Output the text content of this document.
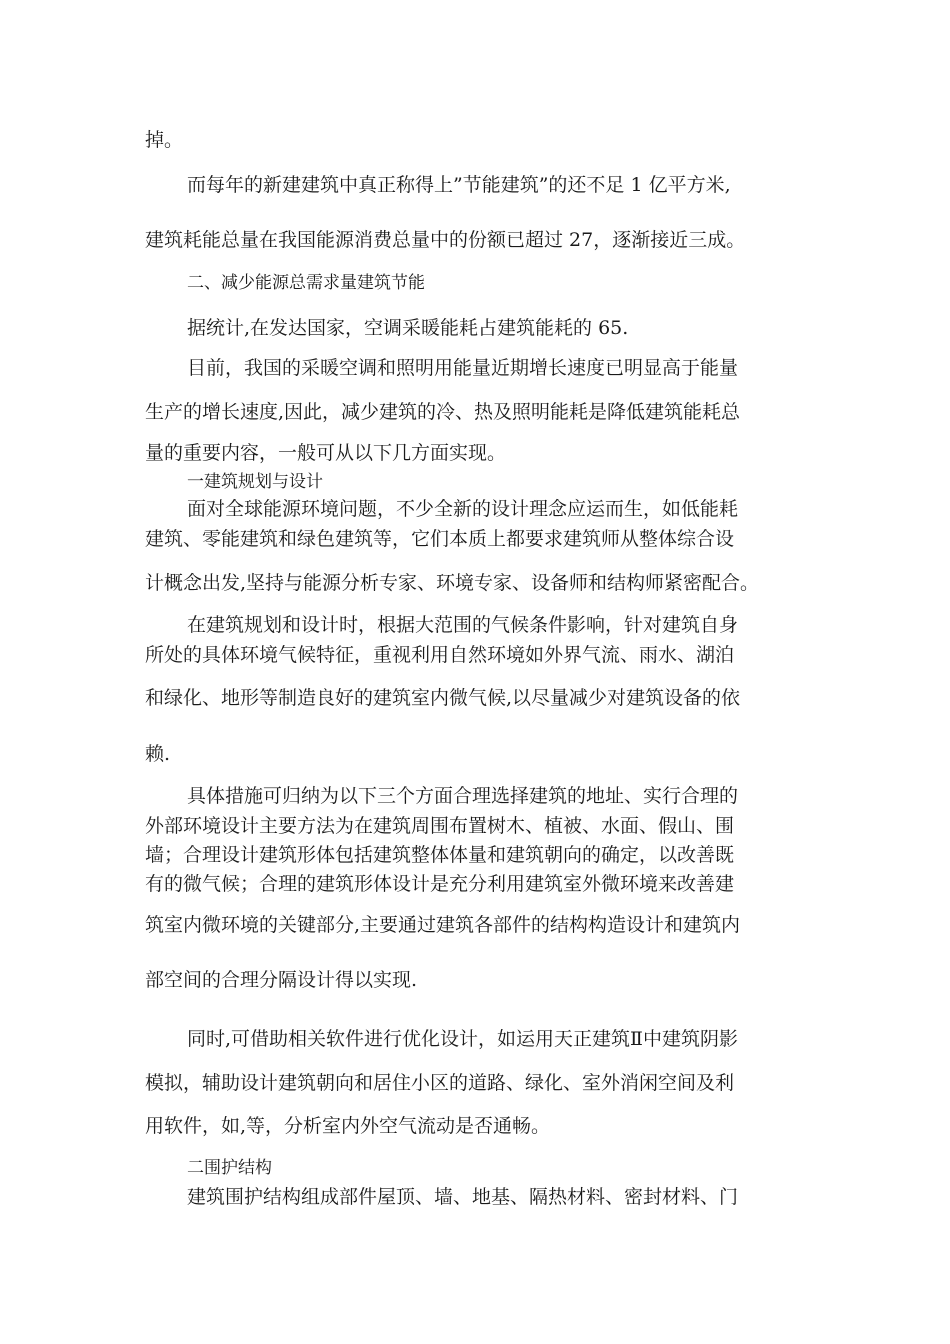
掉。
而每年的新建建筑中真正称得上”节能建筑”的还不足 1 亿平方米,
建筑耗能总量在我国能源消费总量中的份额已超过 27，逐渐接近三成。
二、减少能源总需求量建筑节能
据统计,在发达国家，空调采暖能耗占建筑能耗的 65.
目前，我国的采暖空调和照明用能量近期增长速度已明显高于能量
生产的增长速度,因此，减少建筑的冷、热及照明能耗是降低建筑能耗总
量的重要内容，一般可从以下几方面实现。
一建筑规划与设计
面对全球能源环境问题，不少全新的设计理念应运而生，如低能耗
建筑、零能建筑和绿色建筑等，它们本质上都要求建筑师从整体综合设
计概念出发,坚持与能源分析专家、环境专家、设备师和结构师紧密配合。
在建筑规划和设计时，根据大范围的气候条件影响，针对建筑自身
所处的具体环境气候特征，重视利用自然环境如外界气流、雨水、湖泊
和绿化、地形等制造良好的建筑室内微气候,以尽量减少对建筑设备的依
赖.
具体措施可归纳为以下三个方面合理选择建筑的地址、实行合理的
外部环境设计主要方法为在建筑周围布置树木、植被、水面、假山、围
墙；合理设计建筑形体包括建筑整体体量和建筑朝向的确定，以改善既
有的微气候；合理的建筑形体设计是充分利用建筑室外微环境来改善建
筑室内微环境的关键部分,主要通过建筑各部件的结构构造设计和建筑内
部空间的合理分隔设计得以实现.
同时,可借助相关软件进行优化设计，如运用天正建筑Ⅱ中建筑阴影
模拟，辅助设计建筑朝向和居住小区的道路、绿化、室外消闲空间及利
用软件，如,等，分析室内外空气流动是否通畅。
二围护结构
建筑围护结构组成部件屋顶、墙、地基、隔热材料、密封材料、门
